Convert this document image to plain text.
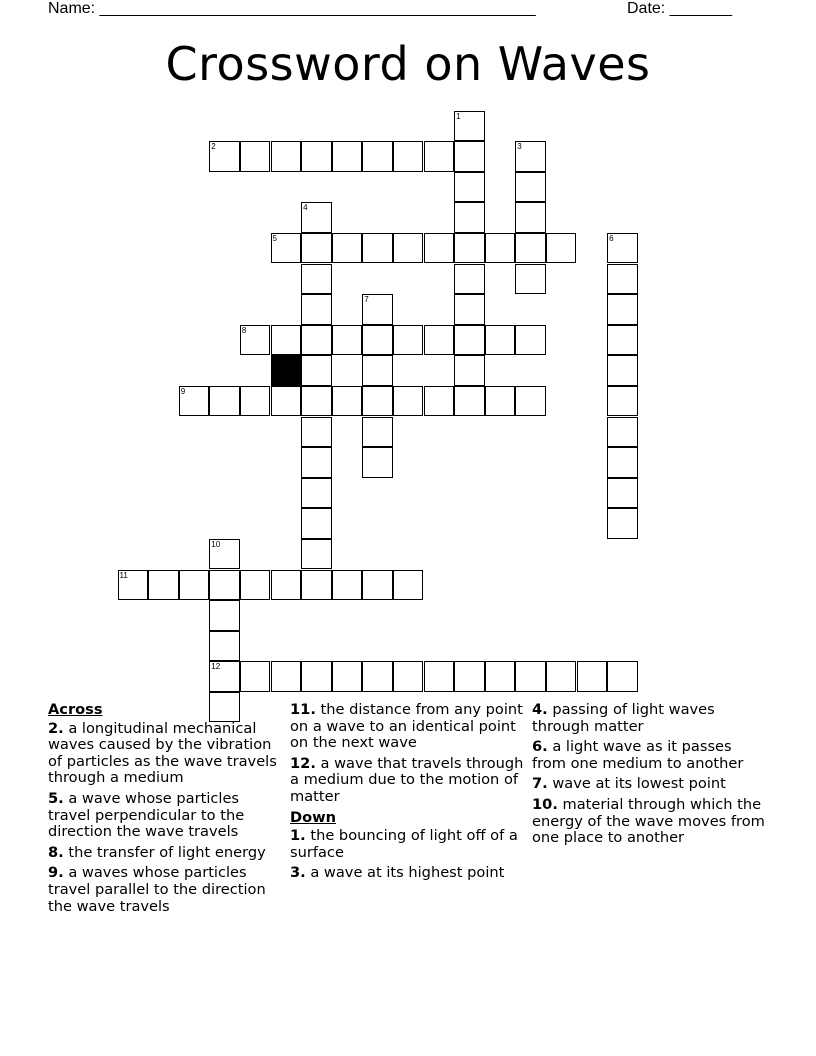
Name: _________________________________________________	Date: _______
Crossword on Waves
1
2	3
4
5	6
7
8
9
10
12
11
Across
2. a longitudinal mechanical waves caused by the vibration of particles as the wave travels through a medium
5. a wave whose particles travel perpendicular to the direction the wave travels
8. the transfer of light energy
9. a waves whose particles travel parallel to the direction the wave travels
11. the distance from any point on a wave to an identical point on the next wave
12. a wave that travels through a medium due to the motion of matter
Down
1. the bouncing of light off of a surface
3. a wave at its highest point
4. passing of light waves through matter
6. a light wave as it passes from one medium to another
7. wave at its lowest point
10. material through which the energy of the wave moves from one place to another
